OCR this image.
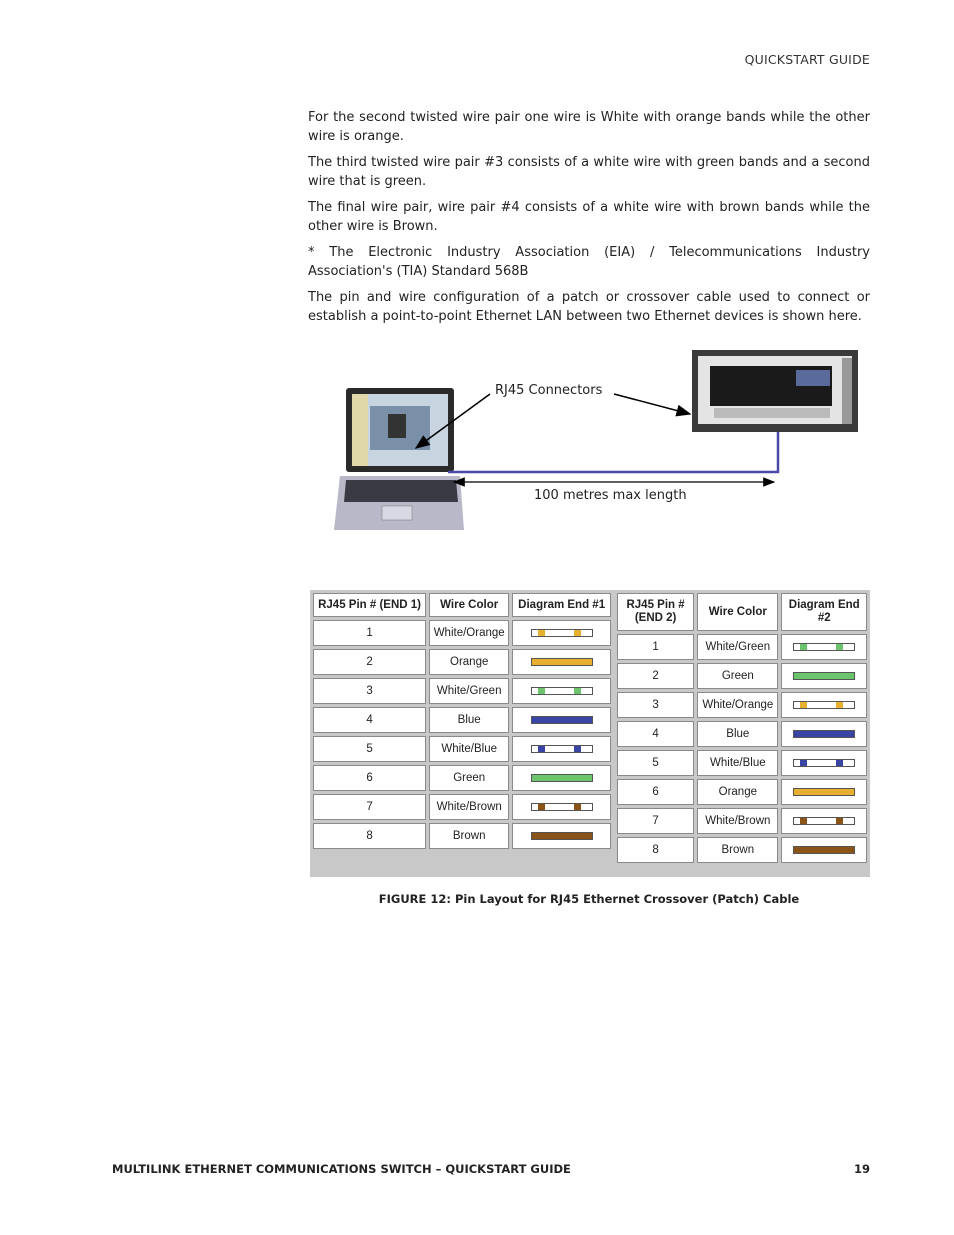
QUICKSTART GUIDE

For the second twisted wire pair one wire is White with orange bands while the other wire is orange.

The third twisted wire pair #3 consists of a white wire with green bands and a second wire that is green.

The final wire pair, wire pair #4 consists of a white wire with brown bands while the other wire is Brown.

* The Electronic Industry Association (EIA) / Telecommunications Industry Association's (TIA) Standard 568B

The pin and wire configuration of a patch or crossover cable used to connect or establish a point-to-point Ethernet LAN between two Ethernet devices is shown here.

RJ45 Connectors
100 metres max length
RJ45 Pin # (END 1)	Wire Color	Diagram End #1
1	White/Orange	
2	Orange	
3	White/Green	
4	Blue	
5	White/Blue	
6	Green	
7	White/Brown	
8	Brown	
RJ45 Pin # (END 2)	Wire Color	Diagram End #2
1	White/Green	
2	Green	
3	White/Orange	
4	Blue	
5	White/Blue	
6	Orange	
7	White/Brown	
8	Brown	
FIGURE 12: Pin Layout for RJ45 Ethernet Crossover (Patch) Cable
MULTILINK ETHERNET COMMUNICATIONS SWITCH – QUICKSTART GUIDE	19
